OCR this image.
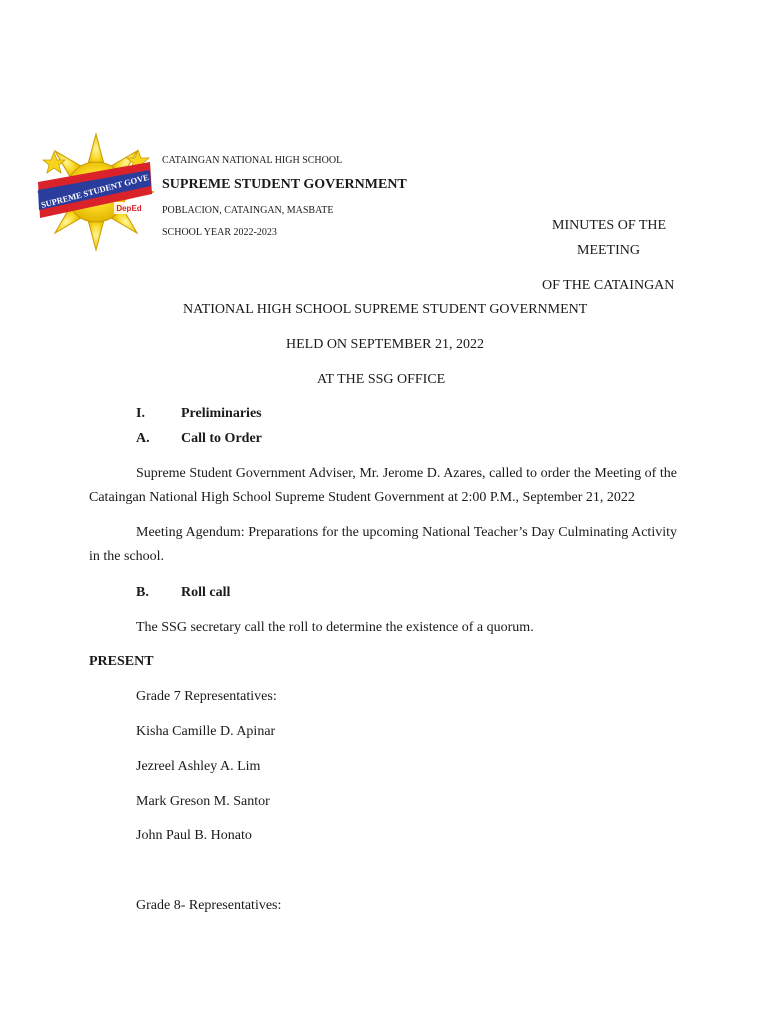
SUPREME STUDENT GOVE
DepEd
CATAINGAN NATIONAL HIGH SCHOOL
SUPREME STUDENT GOVERNMENT
POBLACION, CATAINGAN, MASBATE
SCHOOL YEAR 2022-2023	MINUTES OF THE
MEETING
OF THE CATAINGAN
NATIONAL HIGH SCHOOL SUPREME STUDENT GOVERNMENT
HELD ON SEPTEMBER 21, 2022
AT THE SSG OFFICE
I.	Preliminaries
A. Call to Order
Supreme Student Government Adviser, Mr. Jerome D. Azares, called to order the Meeting of the Cataingan National High School Supreme Student Government at 2:00 P.M., September 21, 2022
Meeting Agendum: Preparations for the upcoming National Teacher’s Day Culminating Activity in the school.
B. Roll call
The SSG secretary call the roll to determine the existence of a quorum.
PRESENT
Grade 7 Representatives:
Kisha Camille D. Apinar
Jezreel Ashley A. Lim
Mark Greson M. Santor
John Paul B. Honato
Grade 8- Representatives:
